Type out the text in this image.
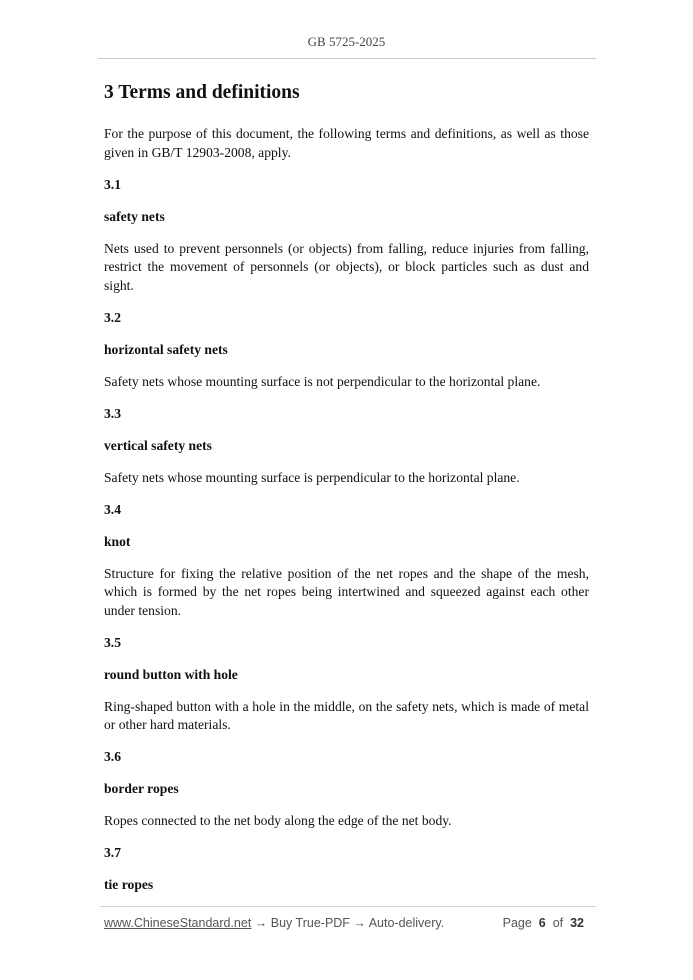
GB 5725-2025
3 Terms and definitions

For the purpose of this document, the following terms and definitions, as well as those given in GB/T 12903-2008, apply.

3.1

safety nets

Nets used to prevent personnels (or objects) from falling, reduce injuries from falling, restrict the movement of personnels (or objects), or block particles such as dust and sight.

3.2

horizontal safety nets

Safety nets whose mounting surface is not perpendicular to the horizontal plane.

3.3

vertical safety nets

Safety nets whose mounting surface is perpendicular to the horizontal plane.

3.4

knot

Structure for fixing the relative position of the net ropes and the shape of the mesh, which is formed by the net ropes being intertwined and squeezed against each other under tension.

3.5

round button with hole

Ring-shaped button with a hole in the middle, on the safety nets, which is made of metal or other hard materials.

3.6

border ropes

Ropes connected to the net body along the edge of the net body.

3.7

tie ropes

www.ChineseStandard.net → Buy True-PDF → Auto-delivery.	Page 6 of 32
